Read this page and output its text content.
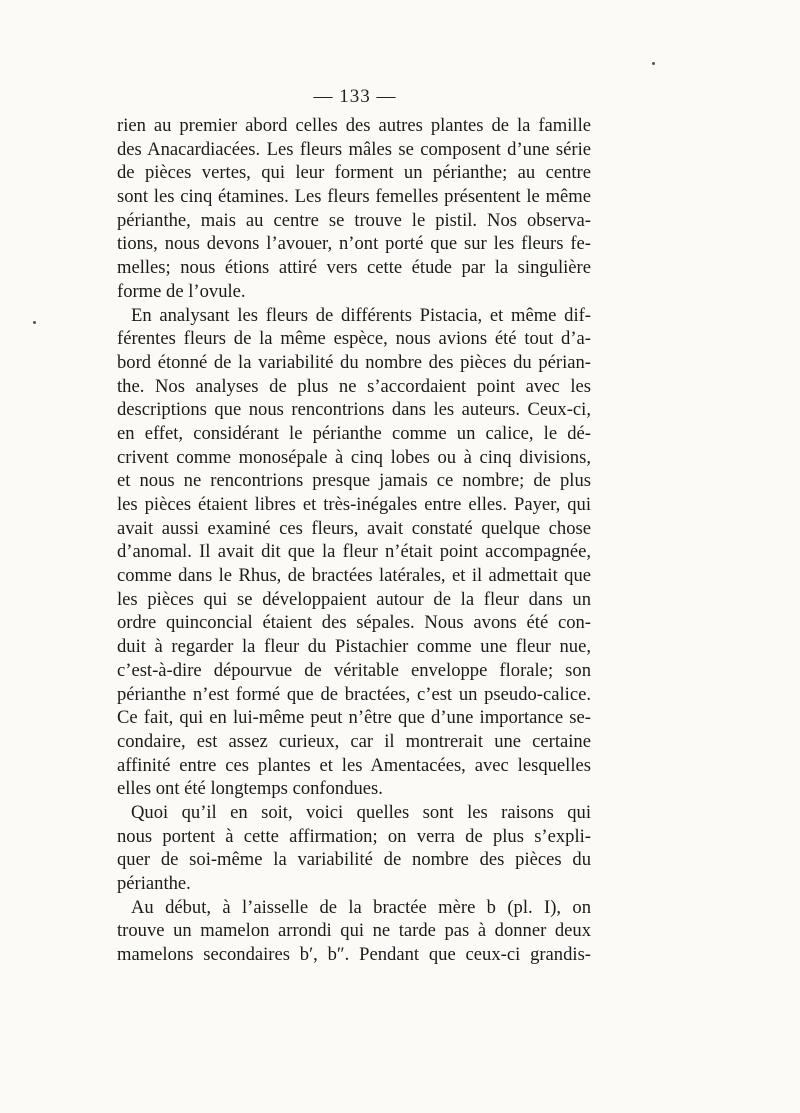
— 133 —
rien au premier abord celles des autres plantes de la famille
des Anacardiacées. Les fleurs mâles se composent d’une série
de pièces vertes, qui leur forment un périanthe; au centre
sont les cinq étamines. Les fleurs femelles présentent le même
périanthe, mais au centre se trouve le pistil. Nos observa-
tions, nous devons l’avouer, n’ont porté que sur les fleurs fe-
melles; nous étions attiré vers cette étude par la singulière
forme de l’ovule.
En analysant les fleurs de différents Pistacia, et même dif-
férentes fleurs de la même espèce, nous avions été tout d’a-
bord étonné de la variabilité du nombre des pièces du périan-
the. Nos analyses de plus ne s’accordaient point avec les
descriptions que nous rencontrions dans les auteurs. Ceux-ci,
en effet, considérant le périanthe comme un calice, le dé-
crivent comme monosépale à cinq lobes ou à cinq divisions,
et nous ne rencontrions presque jamais ce nombre; de plus
les pièces étaient libres et très-inégales entre elles. Payer, qui
avait aussi examiné ces fleurs, avait constaté quelque chose
d’anomal. Il avait dit que la fleur n’était point accompagnée,
comme dans le Rhus, de bractées latérales, et il admettait que
les pièces qui se développaient autour de la fleur dans un
ordre quinconcial étaient des sépales. Nous avons été con-
duit à regarder la fleur du Pistachier comme une fleur nue,
c’est-à-dire dépourvue de véritable enveloppe florale; son
périanthe n’est formé que de bractées, c’est un pseudo-calice.
Ce fait, qui en lui-même peut n’être que d’une importance se-
condaire, est assez curieux, car il montrerait une certaine
affinité entre ces plantes et les Amentacées, avec lesquelles
elles ont été longtemps confondues.
Quoi qu’il en soit, voici quelles sont les raisons qui
nous portent à cette affirmation; on verra de plus s’expli-
quer de soi-même la variabilité de nombre des pièces du
périanthe.
Au début, à l’aisselle de la bractée mère b (pl. I), on
trouve un mamelon arrondi qui ne tarde pas à donner deux
mamelons secondaires b′, b″. Pendant que ceux-ci grandis-
